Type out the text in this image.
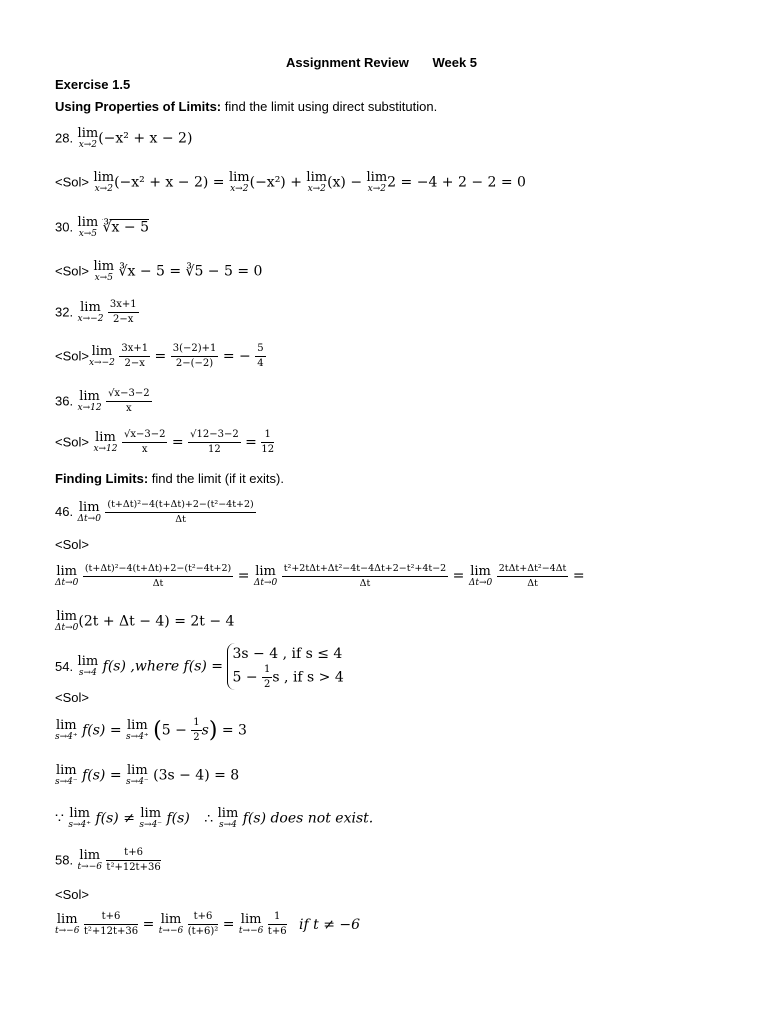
Assignment Review Week 5
Exercise 1.5
Using Properties of Limits: find the limit using direct substitution.
28. lim
x→2 (−x² + x − 2)
<Sol> lim
x→2 (−x² + x − 2) = lim
x→2 (−x²) + lim
x→2 (x) − lim
x→2 2 = −4 + 2 − 2 = 0
30. lim
x→5 ∛x − 5
<Sol> lim
x→5 ∛x − 5 = ∛5 − 5 = 0
32. lim
x→−2
$\frac{3x+1}{2-x}$
<Sol> lim
x→−2
$\frac{3x+1}{2-x} = \frac{3(-2)+1}{2-(-2)}$ = − $\frac{5}{4}$
36. lim
x→12
$\frac{√x-3-2}{x}$
<Sol> lim
x→12
$\frac{√x-3-2}{x} = \frac{√12-3-2}{12} = \frac{1}{12}$
Finding Limits: find the limit (if it exits).
46. lim
Δt→0
$\frac{\text{(t+Δt)²−4(t+Δt)+2−(t²−4t+2)}}{\Delta t}$
<Sol>
lim
Δt→0
$\frac{\text{(t+Δt)²−4(t+Δt)+2−(t²−4t+2)}}{\Delta t} = \lim$
Δt→0
$\frac{\text{t²+2tΔt+Δt²−4t−4Δt+2−t²+4t−2}}{\Delta t} = \lim$
Δt→0
$\frac{\text{2tΔt+Δt²−4Δt}}{\Delta t}$ =
lim
Δt→0 (2t + Δt − 4) = 2t − 4
54. lim
s→4 f(s) ,where f(s) =
3s − 4 , if s ≤ 4
$5 - \frac{1}{2}$ s , if s > 4
<Sol>
lim
s→4⁺ f(s) = lim
s→4⁺ $(5 - \frac{1}{2} s) = 3$
lim
s→4⁻ f(s) = lim
s→4⁻ (3s − 4) = 8
∵ lim
s→4⁺ f(s) ≠ lim
s→4⁻ f(s) ∴ lim
s→4 f(s) does not exist.
58. lim
t→−6
$\frac{t+6}{\text{t²+12t+36}}$
<Sol>
lim
t→−6
$\frac{t+6}{\text{t²+12t+36}} = \lim$
t→−6
$\frac{t+6}{\text{(t+6)²}} = \lim$
t→−6
$\frac{1}{t+6}$ if t ≠ −6
